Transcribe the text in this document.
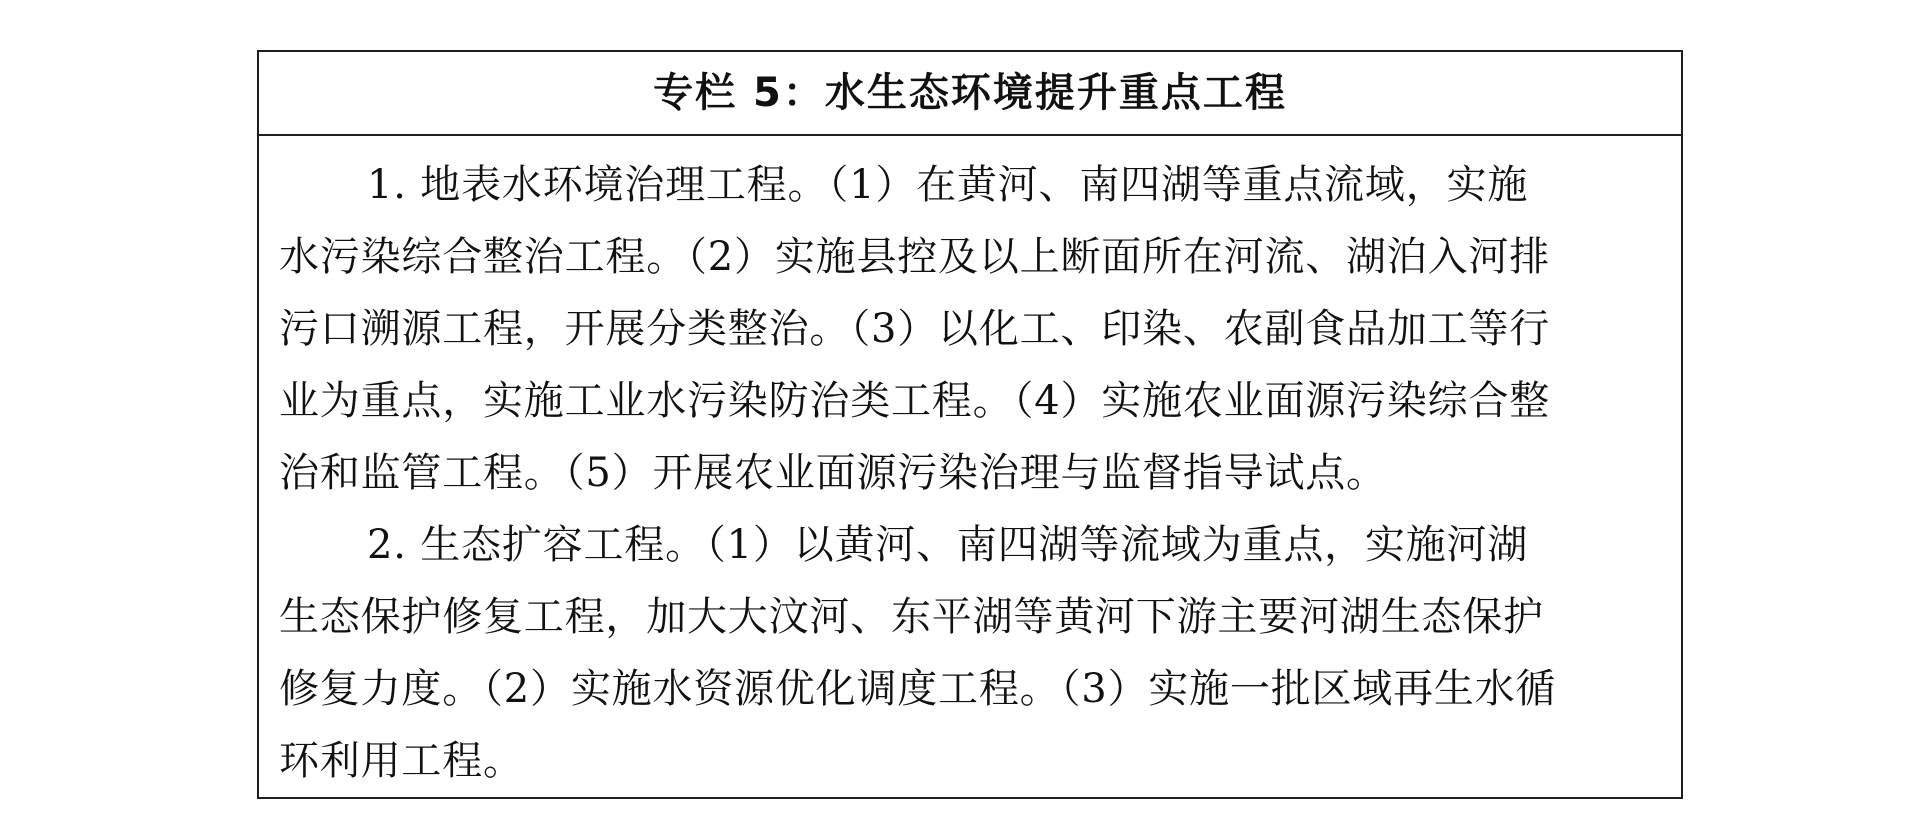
专栏 5：水生态环境提升重点工程
1. 地表水环境治理工程。（1）在黄河、南四湖等重点流域，实施
水污染综合整治工程。（2）实施县控及以上断面所在河流、湖泊入河排
污口溯源工程，开展分类整治。（3）以化工、印染、农副食品加工等行
业为重点，实施工业水污染防治类工程。（4）实施农业面源污染综合整
治和监管工程。（5）开展农业面源污染治理与监督指导试点。
2. 生态扩容工程。（1）以黄河、南四湖等流域为重点，实施河湖
生态保护修复工程，加大大汶河、东平湖等黄河下游主要河湖生态保护
修复力度。（2）实施水资源优化调度工程。（3）实施一批区域再生水循
环利用工程。
